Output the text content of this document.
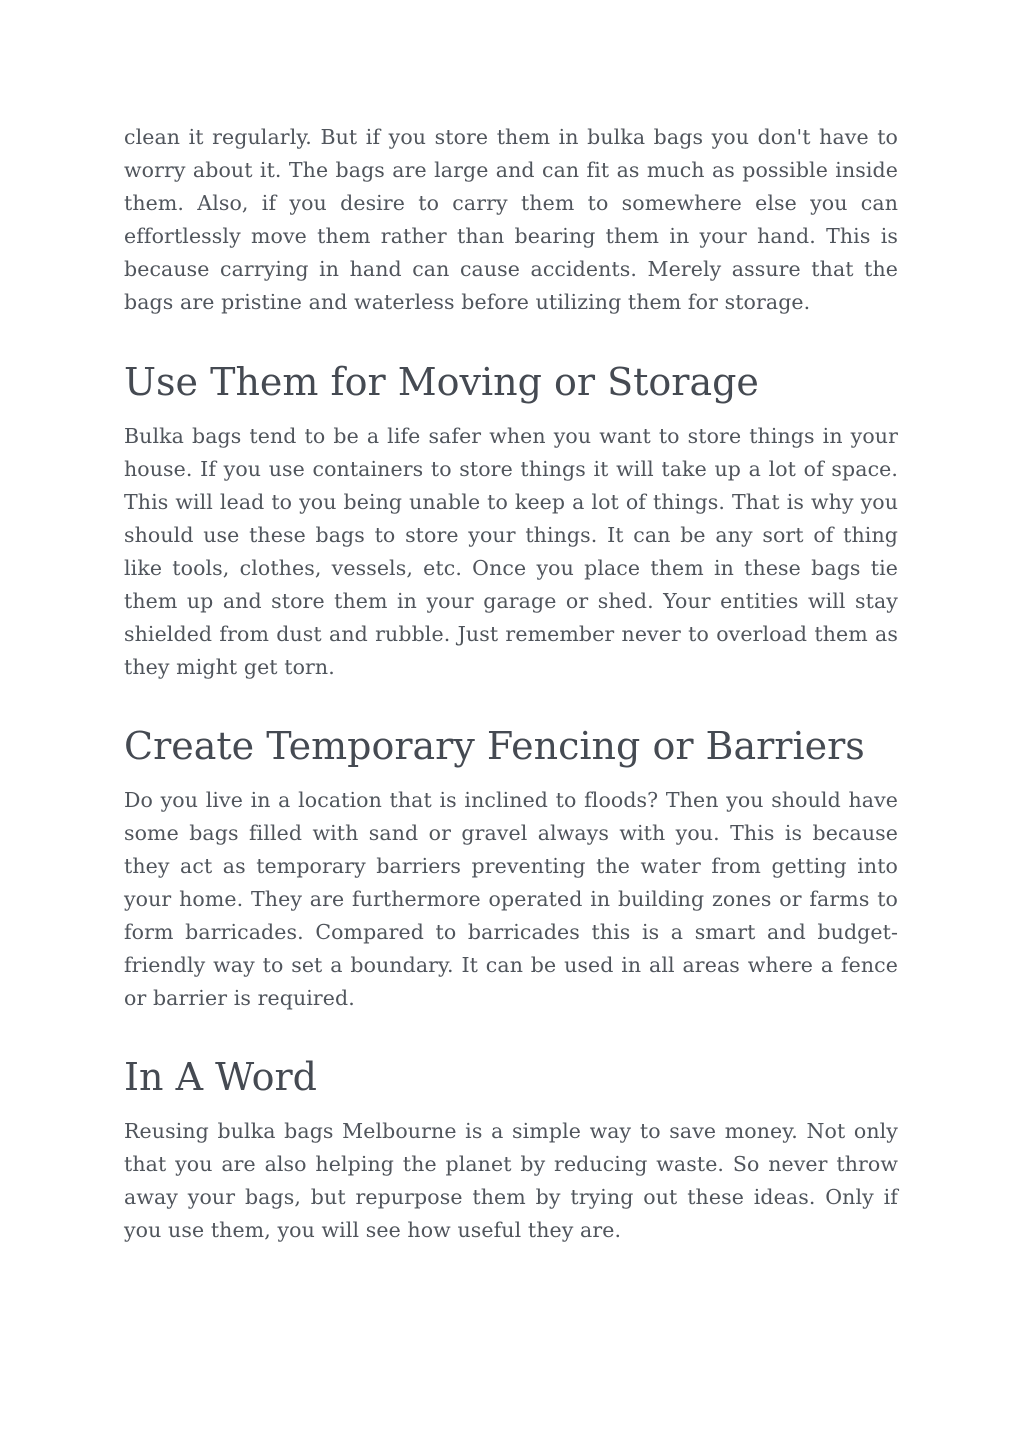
clean it regularly. But if you store them in bulka bags you don't have to worry about it. The bags are large and can fit as much as possible inside them. Also, if you desire to carry them to somewhere else you can effortlessly move them rather than bearing them in your hand. This is because carrying in hand can cause accidents. Merely assure that the bags are pristine and waterless before utilizing them for storage.

Use Them for Moving or Storage

Bulka bags tend to be a life safer when you want to store things in your house. If you use containers to store things it will take up a lot of space. This will lead to you being unable to keep a lot of things. That is why you should use these bags to store your things. It can be any sort of thing like tools, clothes, vessels, etc. Once you place them in these bags tie them up and store them in your garage or shed. Your entities will stay shielded from dust and rubble. Just remember never to overload them as they might get torn.

Create Temporary Fencing or Barriers

Do you live in a location that is inclined to floods? Then you should have some bags filled with sand or gravel always with you. This is because they act as temporary barriers preventing the water from getting into your home. They are furthermore operated in building zones or farms to form barricades. Compared to barricades this is a smart and budget-friendly way to set a boundary. It can be used in all areas where a fence or barrier is required.

In A Word

Reusing bulka bags Melbourne is a simple way to save money. Not only that you are also helping the planet by reducing waste. So never throw away your bags, but repurpose them by trying out these ideas. Only if you use them, you will see how useful they are.
